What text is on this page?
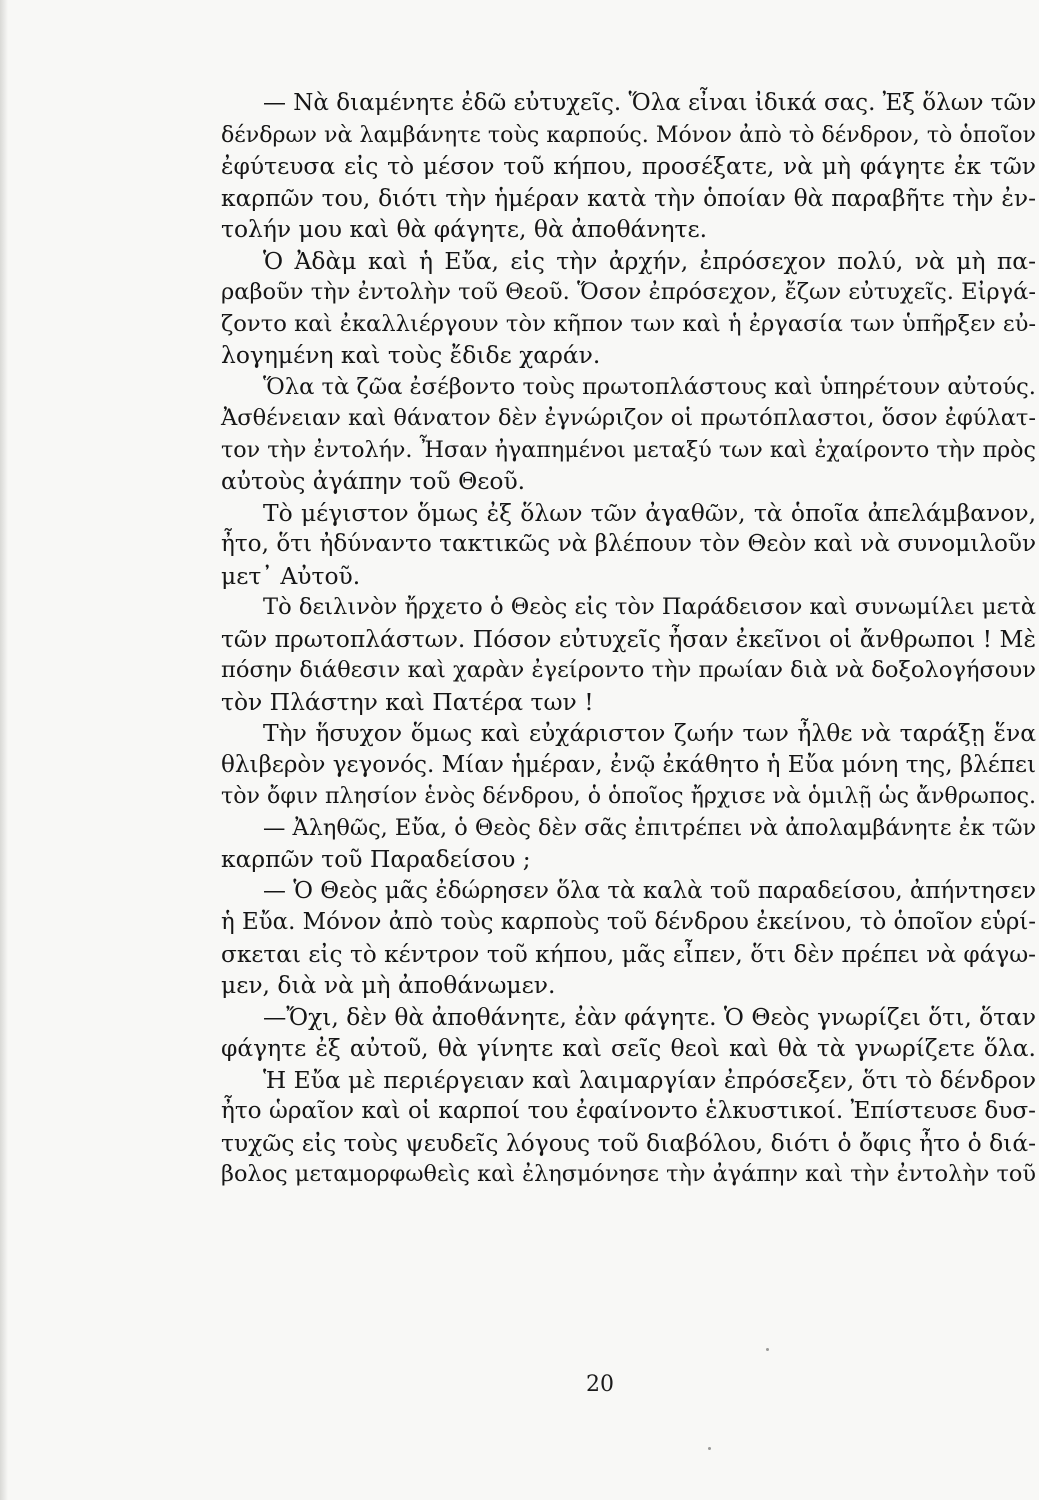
— Νὰ διαμένητε ἐδῶ εὐτυχεῖς. Ὅλα εἶναι ἰδικά σας. Ἐξ ὅλων τῶν
δένδρων νὰ λαμβάνητε τοὺς καρπούς. Μόνον ἀπὸ τὸ δένδρον, τὸ ὁποῖον
ἐφύτευσα εἰς τὸ μέσον τοῦ κήπου, προσέξατε, νὰ μὴ φάγητε ἐκ τῶν
καρπῶν του, διότι τὴν ἡμέραν κατὰ τὴν ὁποίαν θὰ παραβῆτε τὴν ἐν-
τολήν μου καὶ θὰ φάγητε, θὰ ἀποθάνητε.
Ὁ Ἀδὰμ καὶ ἡ Εὔα, εἰς τὴν ἀρχήν, ἐπρόσεχον πολύ, νὰ μὴ πα-
ραβοῦν τὴν ἐντολὴν τοῦ Θεοῦ. Ὅσον ἐπρόσεχον, ἔζων εὐτυχεῖς. Εἰργά-
ζοντο καὶ ἐκαλλιέργουν τὸν κῆπον των καὶ ἡ ἐργασία των ὑπῆρξεν εὐ-
λογημένη καὶ τοὺς ἔδιδε χαράν.
Ὅλα τὰ ζῶα ἐσέβοντο τοὺς πρωτοπλάστους καὶ ὑπηρέτουν αὐτούς.
Ἀσθένειαν καὶ θάνατον δὲν ἐγνώριζον οἱ πρωτόπλαστοι, ὅσον ἐφύλατ-
τον τὴν ἐντολήν. Ἦσαν ἠγαπημένοι μεταξύ των καὶ ἐχαίροντο τὴν πρὸς
αὐτοὺς ἀγάπην τοῦ Θεοῦ.
Τὸ μέγιστον ὅμως ἐξ ὅλων τῶν ἀγαθῶν, τὰ ὁποῖα ἀπελάμβανον,
ἦτο, ὅτι ἠδύναντο τακτικῶς νὰ βλέπουν τὸν Θεὸν καὶ νὰ συνομιλοῦν
μετ᾽ Αὐτοῦ.
Τὸ δειλινὸν ἤρχετο ὁ Θεὸς εἰς τὸν Παράδεισον καὶ συνωμίλει μετὰ
τῶν πρωτοπλάστων. Πόσον εὐτυχεῖς ἦσαν ἐκεῖνοι οἱ ἄνθρωποι ! Μὲ
πόσην διάθεσιν καὶ χαρὰν ἐγείροντο τὴν πρωίαν διὰ νὰ δοξολογήσουν
τὸν Πλάστην καὶ Πατέρα των !
Τὴν ἥσυχον ὅμως καὶ εὐχάριστον ζωήν των ἦλθε νὰ ταράξῃ ἕνα
θλιβερὸν γεγονός. Μίαν ἡμέραν, ἐνῷ ἐκάθητο ἡ Εὔα μόνη της, βλέπει
τὸν ὄφιν πλησίον ἑνὸς δένδρου, ὁ ὁποῖος ἤρχισε νὰ ὁμιλῇ ὡς ἄνθρωπος.
— Ἀληθῶς, Εὔα, ὁ Θεὸς δὲν σᾶς ἐπιτρέπει νὰ ἀπολαμβάνητε ἐκ τῶν
καρπῶν τοῦ Παραδείσου ;
— Ὁ Θεὸς μᾶς ἐδώρησεν ὅλα τὰ καλὰ τοῦ παραδείσου, ἀπήντησεν
ἡ Εὔα. Μόνον ἀπὸ τοὺς καρποὺς τοῦ δένδρου ἐκείνου, τὸ ὁποῖον εὑρί-
σκεται εἰς τὸ κέντρον τοῦ κήπου, μᾶς εἶπεν, ὅτι δὲν πρέπει νὰ φάγω-
μεν, διὰ νὰ μὴ ἀποθάνωμεν.
—Ὄχι, δὲν θὰ ἀποθάνητε, ἐὰν φάγητε. Ὁ Θεὸς γνωρίζει ὅτι, ὅταν
φάγητε ἐξ αὐτοῦ, θὰ γίνητε καὶ σεῖς θεοὶ καὶ θὰ τὰ γνωρίζετε ὅλα.
Ἡ Εὔα μὲ περιέργειαν καὶ λαιμαργίαν ἐπρόσεξεν, ὅτι τὸ δένδρον
ἦτο ὡραῖον καὶ οἱ καρποί του ἐφαίνοντο ἑλκυστικοί. Ἐπίστευσε δυσ-
τυχῶς εἰς τοὺς ψευδεῖς λόγους τοῦ διαβόλου, διότι ὁ ὄφις ἦτο ὁ διά-
βολος μεταμορφωθεὶς καὶ ἐλησμόνησε τὴν ἀγάπην καὶ τὴν ἐντολὴν τοῦ
20
